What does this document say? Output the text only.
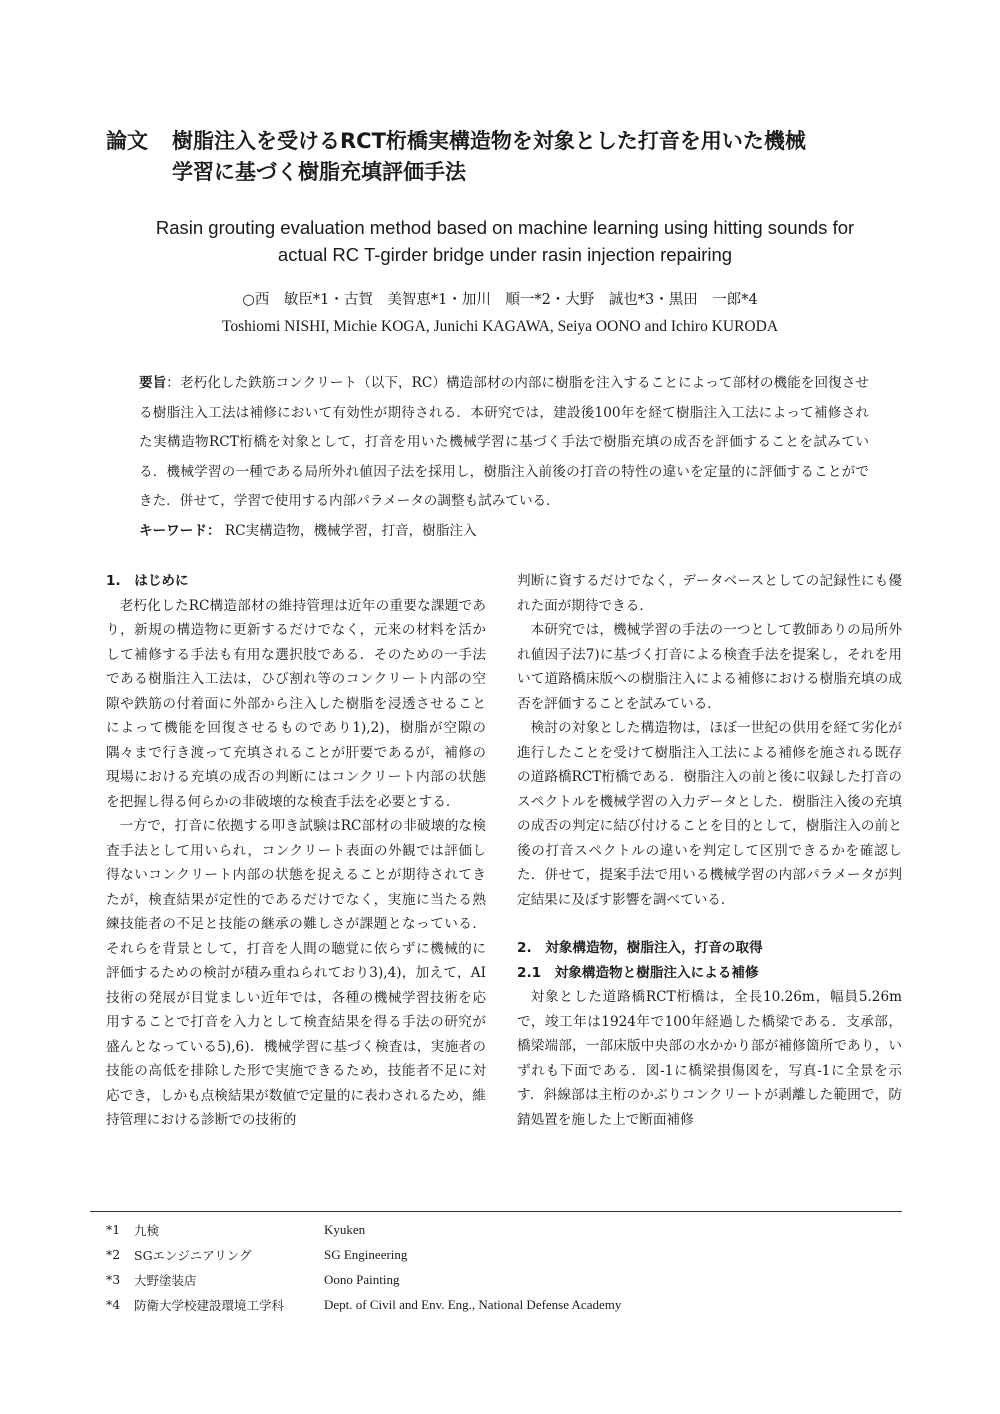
論文	樹脂注入を受けるRCT桁橋実構造物を対象とした打音を用いた機械
学習に基づく樹脂充填評価手法
Rasin grouting evaluation method based on machine learning using hitting sounds for
actual RC T-girder bridge under rasin injection repairing
○西　敏臣*1・古賀　美智恵*1・加川　順一*2・大野　誠也*3・黒田　一郎*4
Toshiomi NISHI, Michie KOGA, Junichi KAGAWA, Seiya OONO and Ichiro KURODA

要旨：老朽化した鉄筋コンクリート（以下，RC）構造部材の内部に樹脂を注入することによって部材の機能を回復させる樹脂注入工法は補修において有効性が期待される．本研究では，建設後100年を経て樹脂注入工法によって補修された実構造物RCT桁橋を対象として，打音を用いた機械学習に基づく手法で樹脂充填の成否を評価することを試みている．機械学習の一種である局所外れ値因子法を採用し，樹脂注入前後の打音の特性の違いを定量的に評価することができた．併せて，学習で使用する内部パラメータの調整も試みている．

キーワード： RC実構造物，機械学習，打音，樹脂注入
1.　はじめに

老朽化したRC構造部材の維持管理は近年の重要な課題であり，新規の構造物に更新するだけでなく，元来の材料を活かして補修する手法も有用な選択肢である．そのための一手法である樹脂注入工法は，ひび割れ等のコンクリート内部の空隙や鉄筋の付着面に外部から注入した樹脂を浸透させることによって機能を回復させるものであり1),2)，樹脂が空隙の隅々まで行き渡って充填されることが肝要であるが，補修の現場における充填の成否の判断にはコンクリート内部の状態を把握し得る何らかの非破壊的な検査手法を必要とする．

一方で，打音に依拠する叩き試験はRC部材の非破壊的な検査手法として用いられ，コンクリート表面の外観では評価し得ないコンクリート内部の状態を捉えることが期待されてきたが，検査結果が定性的であるだけでなく，実施に当たる熟練技能者の不足と技能の継承の難しさが課題となっている．それらを背景として，打音を人間の聴覚に依らずに機械的に評価するための検討が積み重ねられており3),4)，加えて，AI技術の発展が目覚ましい近年では，各種の機械学習技術を応用することで打音を入力として検査結果を得る手法の研究が盛んとなっている5),6)．機械学習に基づく検査は，実施者の技能の高低を排除した形で実施できるため，技能者不足に対応でき，しかも点検結果が数値で定量的に表わされるため，維持管理における診断での技術的

判断に資するだけでなく，データベースとしての記録性にも優れた面が期待できる．

本研究では，機械学習の手法の一つとして教師ありの局所外れ値因子法7)に基づく打音による検査手法を提案し，それを用いて道路橋床版への樹脂注入による補修における樹脂充填の成否を評価することを試みている．

検討の対象とした構造物は，ほぼ一世紀の供用を経て劣化が進行したことを受けて樹脂注入工法による補修を施される既存の道路橋RCT桁橋である．樹脂注入の前と後に収録した打音のスペクトルを機械学習の入力データとした．樹脂注入後の充填の成否の判定に結び付けることを目的として，樹脂注入の前と後の打音スペクトルの違いを判定して区別できるかを確認した．併せて，提案手法で用いる機械学習の内部パラメータが判定結果に及ぼす影響を調べている．

2.　対象構造物，樹脂注入，打音の取得
2.1　対象構造物と樹脂注入による補修

対象とした道路橋RCT桁橋は，全長10.26m，幅員5.26mで，竣工年は1924年で100年経過した橋梁である．支承部，橋梁端部，一部床版中央部の水かかり部が補修箇所であり，いずれも下面である．図-1に橋梁損傷図を，写真-1に全景を示す．斜線部は主桁のかぶりコンクリートが剥離した範囲で，防錆処置を施した上で断面補修

*1	九検	Kyuken
*2	SGエンジニアリング	SG Engineering
*3	大野塗装店	Oono Painting
*4	防衛大学校建設環境工学科	Dept. of Civil and Env. Eng., National Defense Academy
